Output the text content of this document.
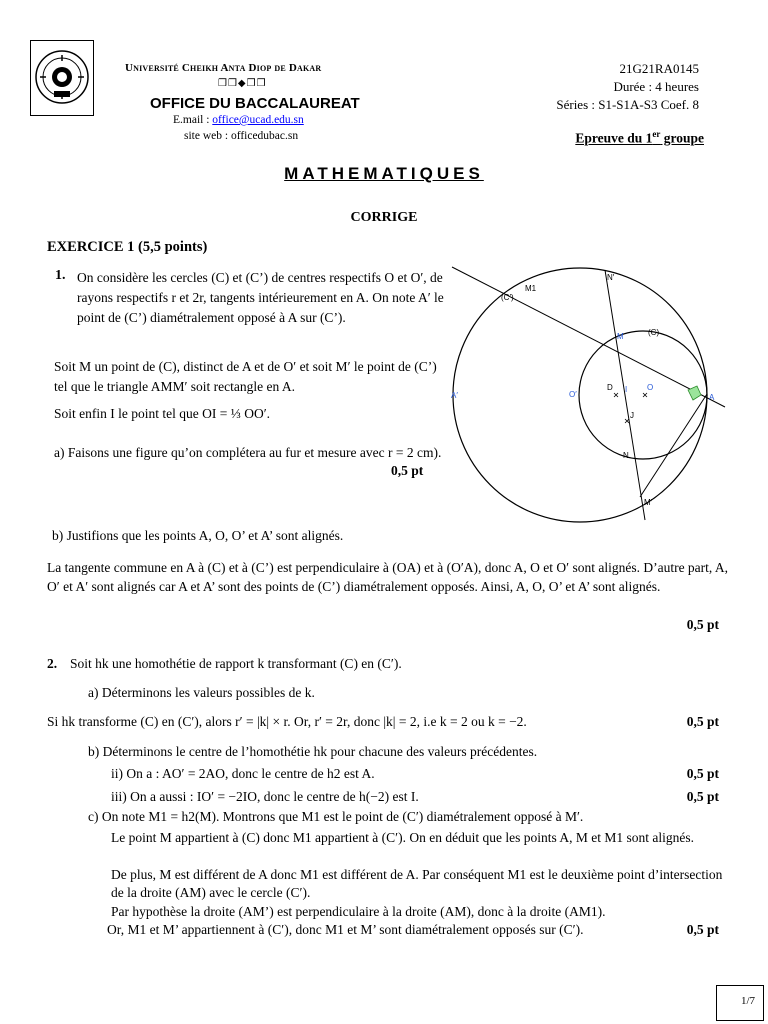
Université Cheikh Anta Diop de Dakar
❒❒◆❒❒
OFFICE DU BACCALAUREAT
E.mail : office@ucad.edu.sn
site web : officedubac.sn
21G21RA0145
Durée : 4 heures
Séries : S1-S1A-S3 Coef. 8
Epreuve du 1er groupe
MATHEMATIQUES
CORRIGE
EXERCICE 1 (5,5 points)
1. On considère les cercles (C) et (C’) de centres respectifs O et O′, de rayons respectifs r et 2r, tangents intérieurement en A. On note A′ le point de (C’) diamétralement opposé à A sur (C’).
Soit M un point de (C), distinct de A et de O′ et soit M′ le point de (C’) tel que le triangle AMM′ soit rectangle en A.
Soit enfin I le point tel que OI = ⅓ OO′.
a) Faisons une figure qu’on complétera au fur et mesure avec r = 2 cm).
0,5 pt
M1
(C′)
N′
(C)
M
A′	O′
D I O
A
J
N
M′
b) Justifions que les points A, O, O’ et A’ sont alignés.
La tangente commune en A à (C) et à (C’) est perpendiculaire à (OA) et à (O′A), donc A, O et O′ sont alignés. D’autre part, A, O′ et A′ sont alignés car A et A’ sont des points de (C’) diamétralement opposés. Ainsi, A, O, O’ et A’ sont alignés.
0,5 pt
2. Soit hk une homothétie de rapport k transformant (C) en (C′).
a) Déterminons les valeurs possibles de k.
Si hk transforme (C) en (C′), alors r′ = |k| × r. Or, r′ = 2r, donc |k| = 2, i.e k = 2 ou k = −2.	0,5 pt
b) Déterminons le centre de l’homothétie hk pour chacune des valeurs précédentes.
ii) On a : AO′ = 2AO, donc le centre de h2 est A.	0,5 pt
iii) On a aussi : IO′ = −2IO, donc le centre de h(−2) est I.	0,5 pt
c) On note M1 = h2(M). Montrons que M1 est le point de (C′) diamétralement opposé à M′.
Le point M appartient à (C) donc M1 appartient à (C′). On en déduit que les points A, M et M1 sont alignés.
De plus, M est différent de A donc M1 est différent de A. Par conséquent M1 est le deuxième point d’intersection de la droite (AM) avec le cercle (C′).
Par hypothèse la droite (AM’) est perpendiculaire à la droite (AM), donc à la droite (AM1).
Or, M1 et M’ appartiennent à (C′), donc M1 et M’ sont diamétralement opposés sur (C′).	0,5 pt
1/7
